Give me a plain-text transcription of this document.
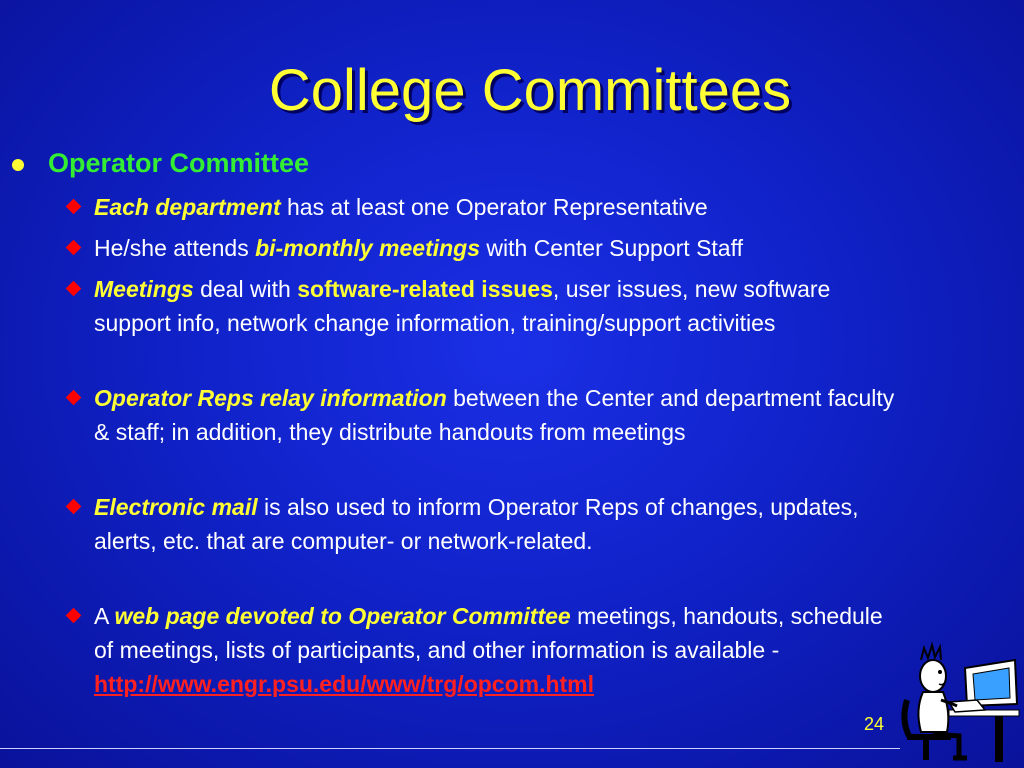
College Committees
Operator Committee
Each department has at least one Operator Representative
He/she attends bi-monthly meetings with Center Support Staff
Meetings deal with software-related issues, user issues, new software support info, network change information, training/support activities
Operator Reps relay information between the Center and department faculty & staff; in addition, they distribute handouts from meetings
Electronic mail is also used to inform Operator Reps of changes, updates, alerts, etc. that are computer- or network-related.
A web page devoted to Operator Committee meetings, handouts, schedule of meetings, lists of participants, and other information is available -
http://www.engr.psu.edu/www/trg/opcom.html
24
